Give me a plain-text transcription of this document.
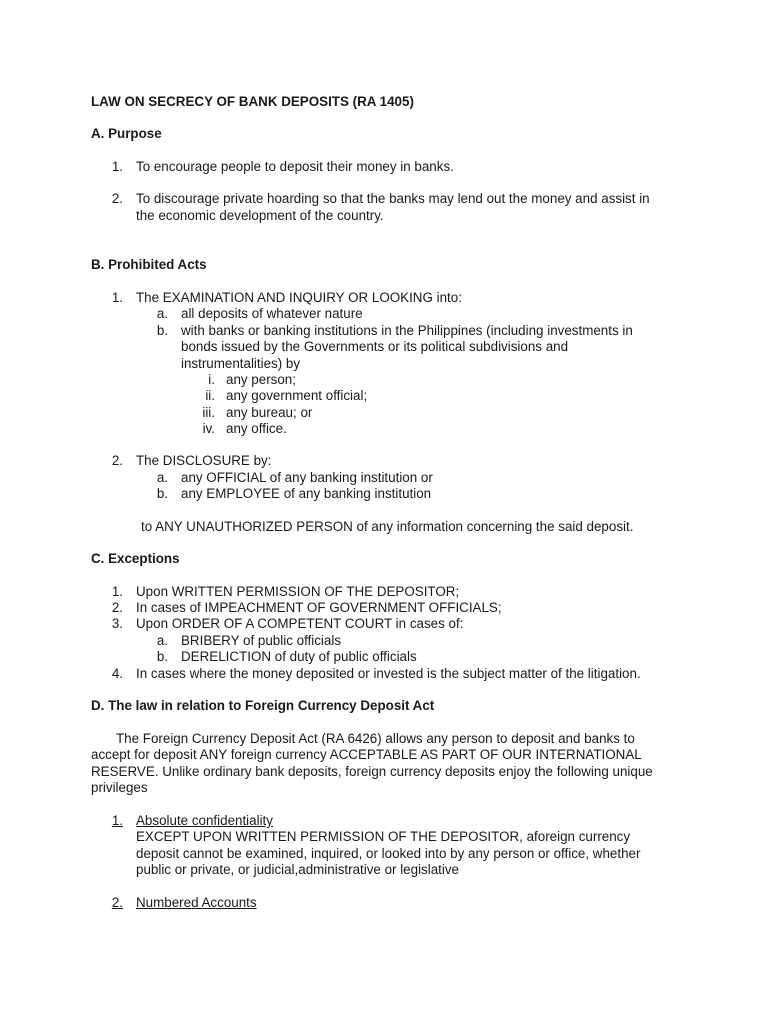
LAW ON SECRECY OF BANK DEPOSITS (RA 1405)
A. Purpose
1. To encourage people to deposit their money in banks.
2. To discourage private hoarding so that the banks may lend out the money and assist in
the economic development of the country.
B. Prohibited Acts
1. The EXAMINATION AND INQUIRY OR LOOKING into:
a. all deposits of whatever nature
b. with banks or banking institutions in the Philippines (including investments in
bonds issued by the Governments or its political subdivisions and
instrumentalities) by
i. any person;
ii. any government official;
iii. any bureau; or
iv. any office.
2. The DISCLOSURE by:
a. any OFFICIAL of any banking institution or
b. any EMPLOYEE of any banking institution
to ANY UNAUTHORIZED PERSON of any information concerning the said deposit.
C. Exceptions
1. Upon WRITTEN PERMISSION OF THE DEPOSITOR;
2. In cases of IMPEACHMENT OF GOVERNMENT OFFICIALS;
3. Upon ORDER OF A COMPETENT COURT in cases of:
a. BRIBERY of public officials
b. DERELICTION of duty of public officials
4. In cases where the money deposited or invested is the subject matter of the litigation.
D. The law in relation to Foreign Currency Deposit Act
The Foreign Currency Deposit Act (RA 6426) allows any person to deposit and banks to
accept for deposit ANY foreign currency ACCEPTABLE AS PART OF OUR INTERNATIONAL
RESERVE. Unlike ordinary bank deposits, foreign currency deposits enjoy the following unique
privileges
1. Absolute confidentiality
EXCEPT UPON WRITTEN PERMISSION OF THE DEPOSITOR, aforeign currency
deposit cannot be examined, inquired, or looked into by any person or office, whether
public or private, or judicial,administrative or legislative
2. Numbered Accounts
